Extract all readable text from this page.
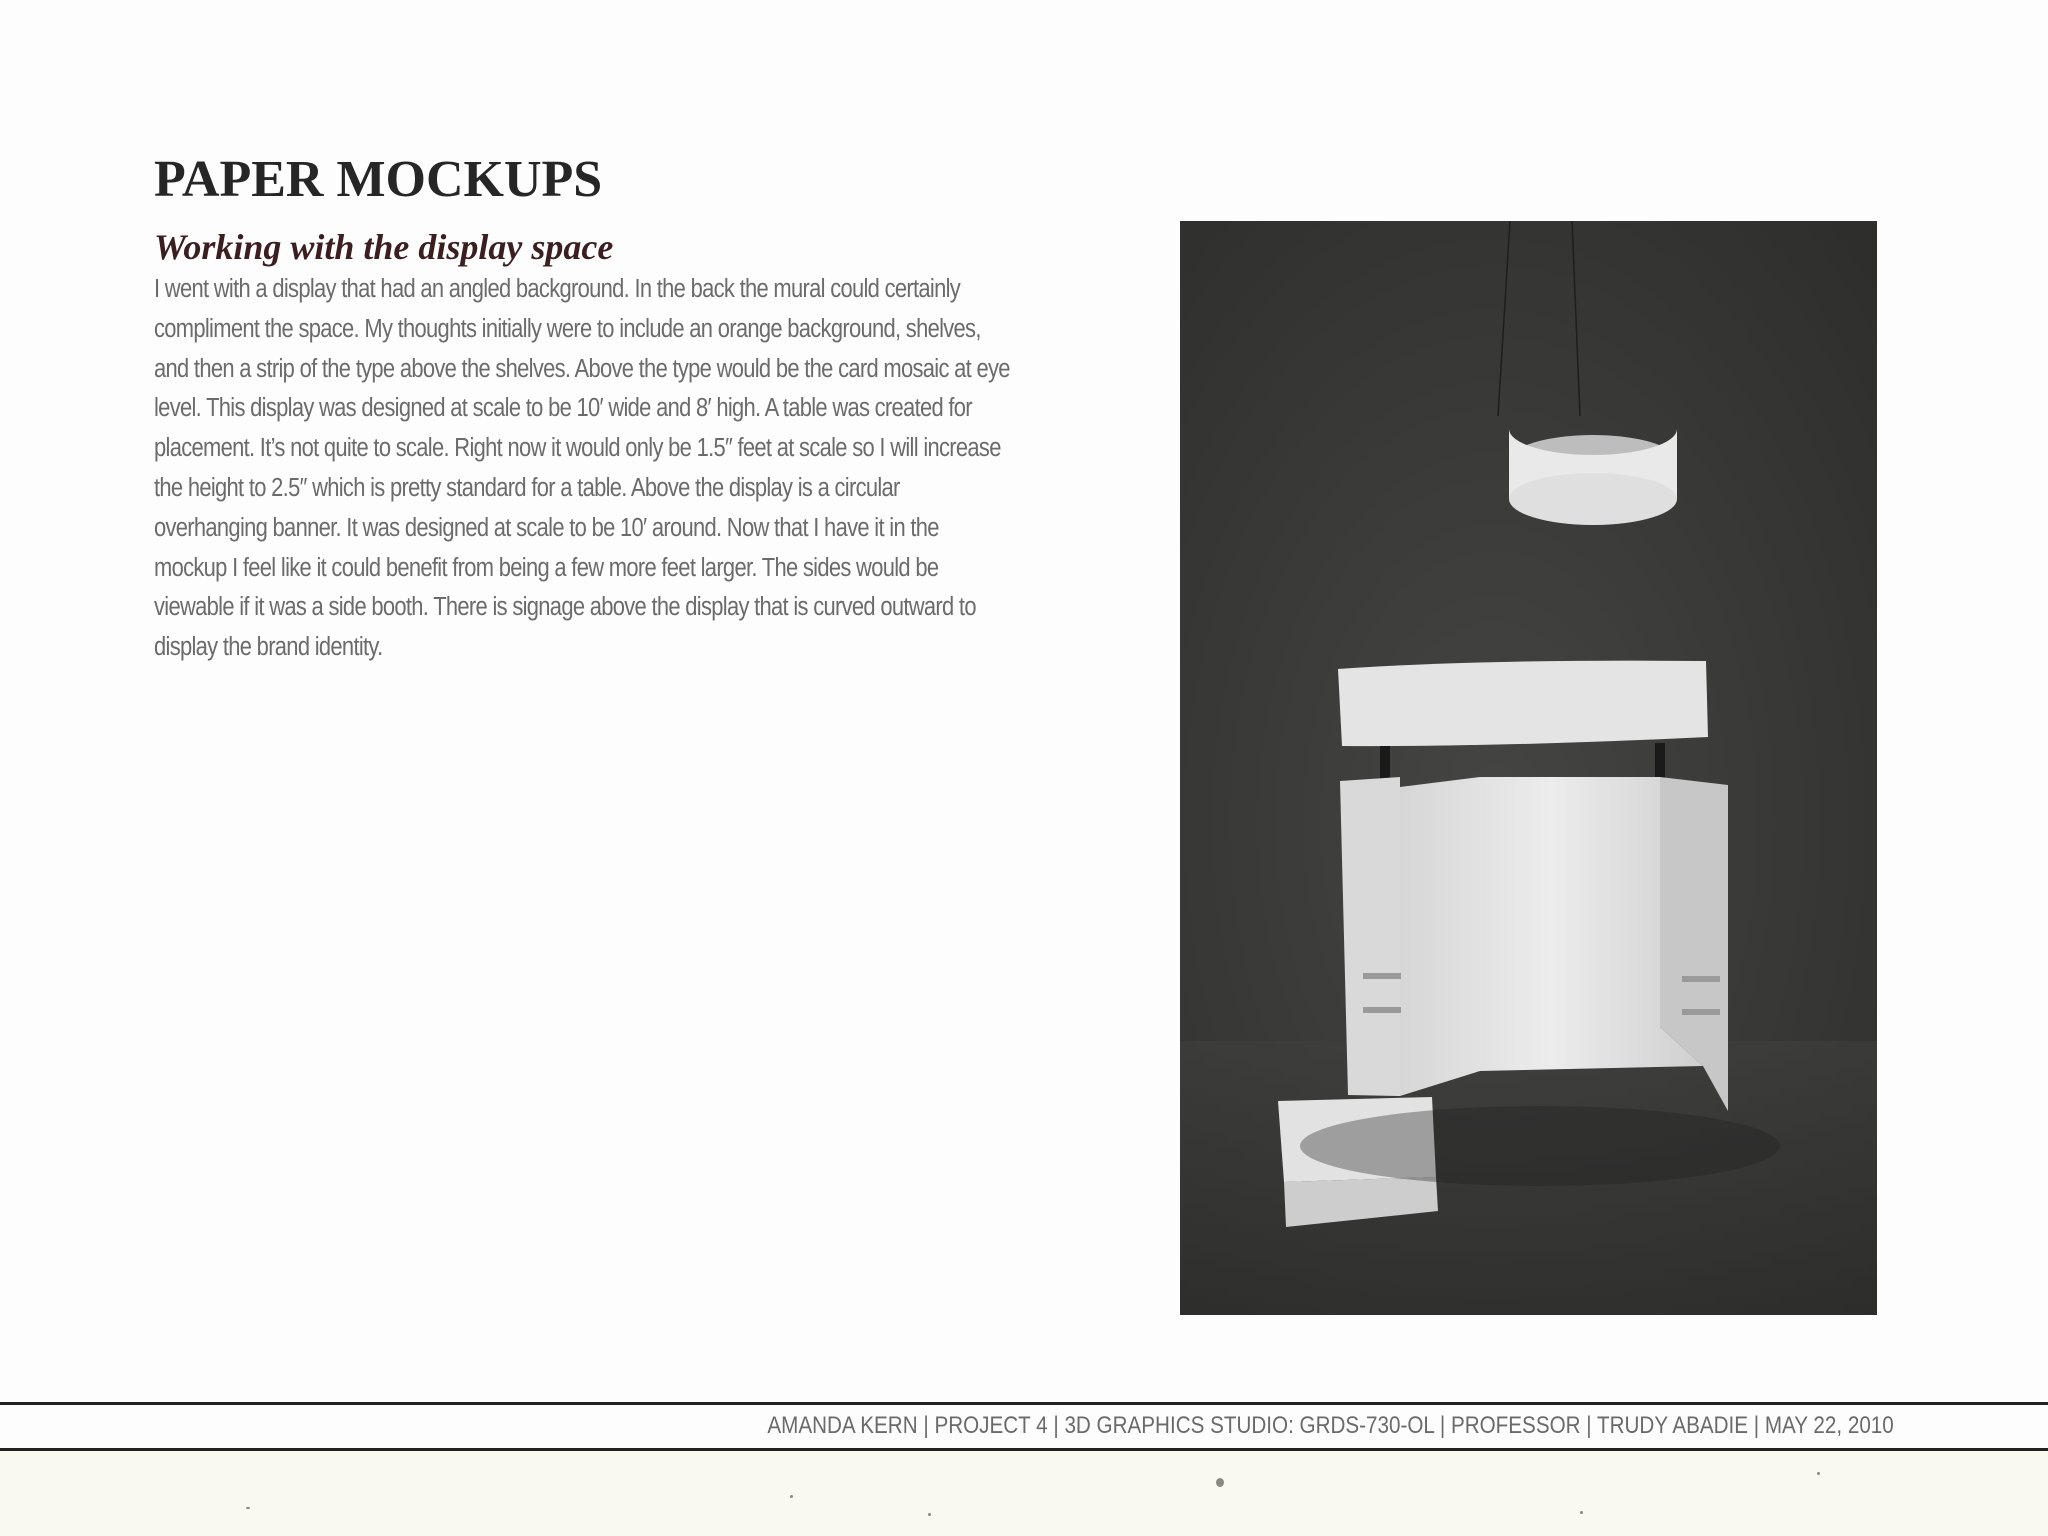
PAPER MOCKUPS
Working with the display space

I went with a display that had an angled background. In the back the mural could certainly compliment the space. My thoughts initially were to include an orange background, shelves, and then a strip of the type above the shelves. Above the type would be the card mosaic at eye level. This display was designed at scale to be 10′ wide and 8′ high. A table was created for placement. It’s not quite to scale. Right now it would only be 1.5″ feet at scale so I will increase the height to 2.5″ which is pretty standard for a table. Above the display is a circular overhanging banner. It was designed at scale to be 10′ around. Now that I have it in the mockup I feel like it could benefit from being a few more feet larger. The sides would be viewable if it was a side booth. There is signage above the display that is curved outward to display the brand identity.

AMANDA KERN | PROJECT 4 | 3D GRAPHICS STUDIO: GRDS-730-OL | PROFESSOR | TRUDY ABADIE | MAY 22, 2010
